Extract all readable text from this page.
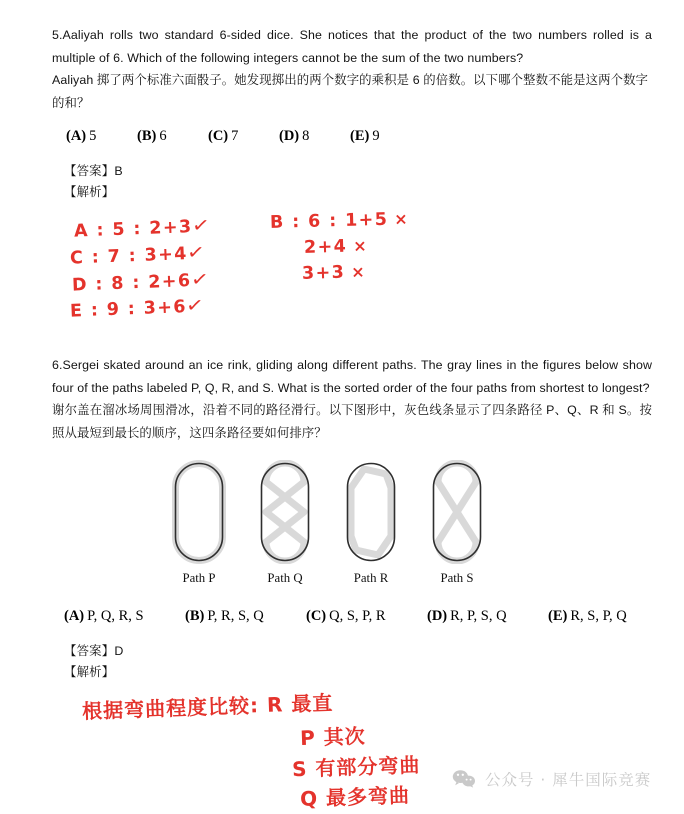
5.Aaliyah rolls two standard 6-sided dice. She notices that the product of the two numbers rolled is a multiple of 6. Which of the following integers cannot be the sum of the two numbers?
Aaliyah 掷了两个标准六面骰子。她发现掷出的两个数字的乘积是 6 的倍数。以下哪个整数不能是这两个数字的和？
(A) 5	(B) 6	(C) 7	(D) 8	(E) 9
【答案】B
【解析】
A : 5 : 2+3✓
C : 7 : 3+4✓
D : 8 : 2+6✓
E : 9 : 3+6✓
B : 6 : 1+5 ×
2+4 ×
3+3 ×
6.Sergei skated around an ice rink, gliding along different paths. The gray lines in the figures below show four of the paths labeled P, Q, R, and S. What is the sorted order of the four paths from shortest to longest?
谢尔盖在溜冰场周围滑冰，沿着不同的路径滑行。以下图形中，灰色线条显示了四条路径 P、Q、R 和 S。按照从最短到最长的顺序，这四条路径要如何排序？
Path P	Path Q	Path R	Path S
(A) P, Q, R, S	(B) P, R, S, Q	(C) Q, S, P, R	(D) R, P, S, Q	(E) R, S, P, Q
【答案】D
【解析】
根据弯曲程度比较: R 最直
P 其次
S 有部分弯曲
Q 最多弯曲
公众号 · 犀牛国际竞赛
